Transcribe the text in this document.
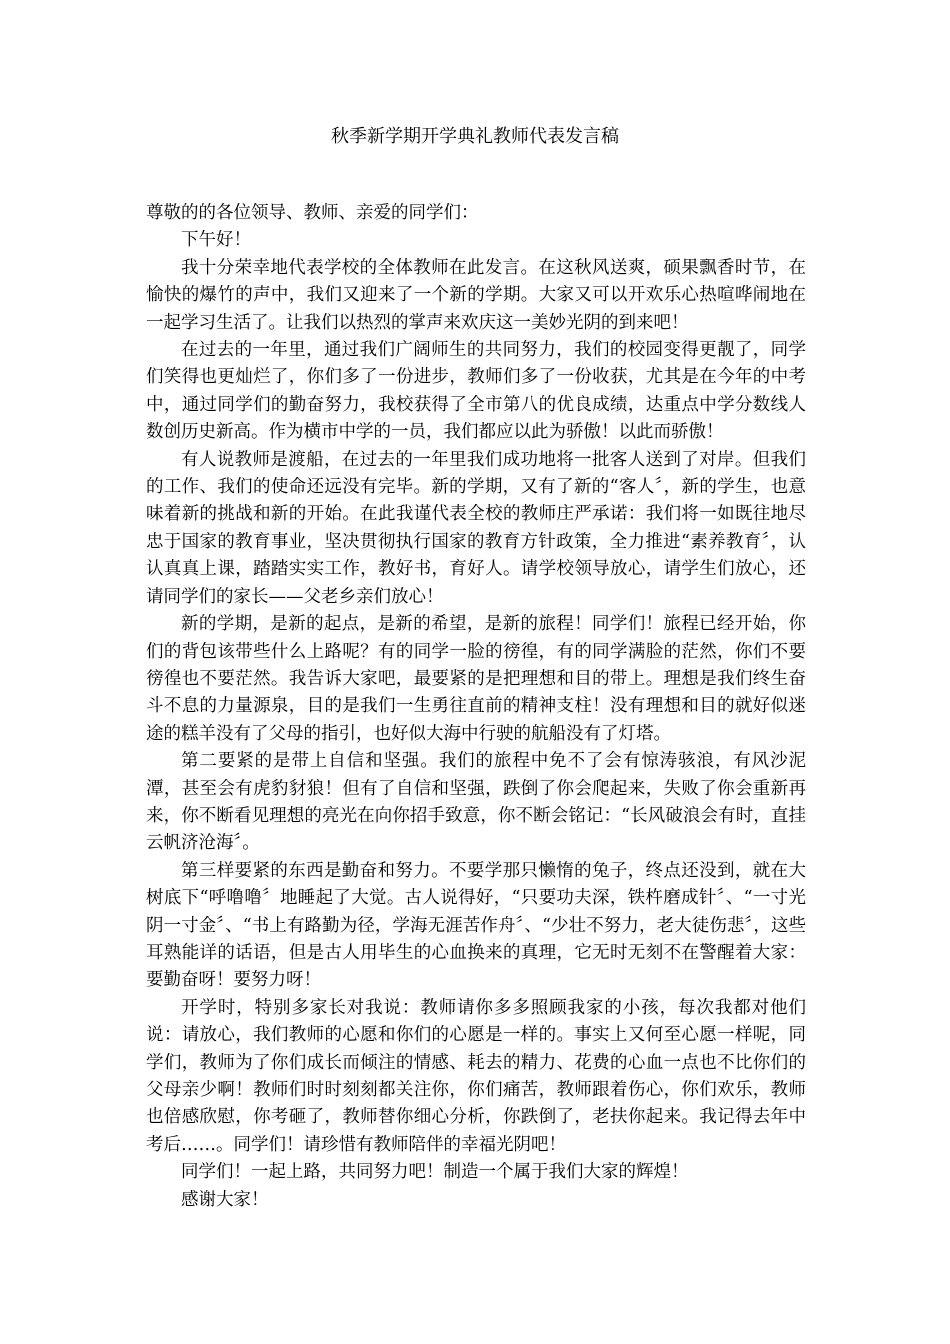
秋季新学期开学典礼教师代表发言稿

尊敬的的各位领导、教师、亲爱的同学们：

下午好！

我十分荣幸地代表学校的全体教师在此发言。在这秋风送爽，硕果飘香时节，在愉快的爆竹的声中，我们又迎来了一个新的学期。大家又可以开欢乐心热喧哗闹地在一起学习生活了。让我们以热烈的掌声来欢庆这一美妙光阴的到来吧！

在过去的一年里，通过我们广阔师生的共同努力，我们的校园变得更靓了，同学们笑得也更灿烂了，你们多了一份进步，教师们多了一份收获，尤其是在今年的中考中，通过同学们的勤奋努力，我校获得了全市第八的优良成绩，达重点中学分数线人数创历史新高。作为横市中学的一员，我们都应以此为骄傲！以此而骄傲！

有人说教师是渡船，在过去的一年里我们成功地将一批客人送到了对岸。但我们的工作、我们的使命还远没有完毕。新的学期，又有了新的“客人〞，新的学生，也意味着新的挑战和新的开始。在此我谨代表全校的教师庄严承诺：我们将一如既往地尽忠于国家的教育事业，坚决贯彻执行国家的教育方针政策，全力推进“素养教育〞，认认真真上课，踏踏实实工作，教好书，育好人。请学校领导放心，请学生们放心，还请同学们的家长——父老乡亲们放心！

新的学期，是新的起点，是新的希望，是新的旅程！同学们！旅程已经开始，你们的背包该带些什么上路呢？有的同学一脸的徬徨，有的同学满脸的茫然，你们不要徬徨也不要茫然。我告诉大家吧，最要紧的是把理想和目的带上。理想是我们终生奋斗不息的力量源泉，目的是我们一生勇往直前的精神支柱！没有理想和目的就好似迷途的糕羊没有了父母的指引，也好似大海中行驶的航船没有了灯塔。

第二要紧的是带上自信和坚强。我们的旅程中免不了会有惊涛骇浪，有风沙泥潭，甚至会有虎豹豺狼！但有了自信和坚强，跌倒了你会爬起来，失败了你会重新再来，你不断看见理想的亮光在向你招手致意，你不断会铭记：“长风破浪会有时，直挂云帆济沧海〞。

第三样要紧的东西是勤奋和努力。不要学那只懒惰的兔子，终点还没到，就在大树底下“呼噜噜〞地睡起了大觉。古人说得好，“只要功夫深，铁杵磨成针〞、“一寸光阴一寸金〞、“书上有路勤为径，学海无涯苦作舟〞、“少壮不努力，老大徒伤悲〞，这些耳熟能详的话语，但是古人用毕生的心血换来的真理，它无时无刻不在警醒着大家：要勤奋呀！要努力呀！

开学时，特别多家长对我说：教师请你多多照顾我家的小孩，每次我都对他们说：请放心，我们教师的心愿和你们的心愿是一样的。事实上又何至心愿一样呢，同学们，教师为了你们成长而倾注的情感、耗去的精力、花费的心血一点也不比你们的父母亲少啊！教师们时时刻刻都关注你，你们痛苦，教师跟着伤心，你们欢乐，教师也倍感欣慰，你考砸了，教师替你细心分析，你跌倒了，老扶你起来。我记得去年中考后……。同学们！请珍惜有教师陪伴的幸福光阴吧！

同学们！一起上路，共同努力吧！制造一个属于我们大家的辉煌！

感谢大家！
